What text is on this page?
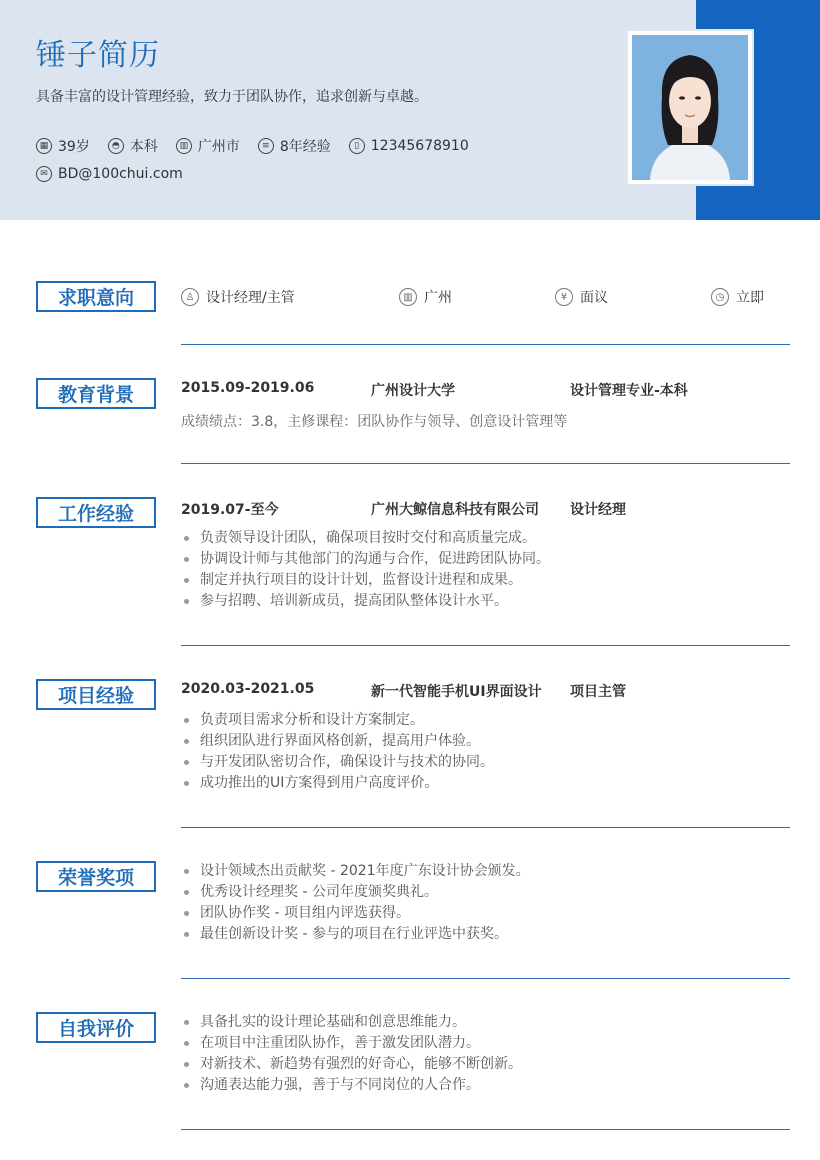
锤子简历
具备丰富的设计管理经验，致力于团队协作，追求创新与卓越。
▦ 39岁	◓ 本科	▥ 广州市	≡ 8年经验	▯ 12345678910
✉ BD@100chui.com
求职意向	♙ 设计经理/主管	▥ 广州	¥ 面议	◷ 立即
教育背景	2015.09-2019.06	广州设计大学	设计管理专业-本科
成绩绩点：3.8，主修课程：团队协作与领导、创意设计管理等
工作经验	2019.07-至今	广州大鲸信息科技有限公司 设计经理
负责领导设计团队，确保项目按时交付和高质量完成。
协调设计师与其他部门的沟通与合作，促进跨团队协同。
制定并执行项目的设计计划，监督设计进程和成果。
参与招聘、培训新成员，提高团队整体设计水平。
项目经验	2020.03-2021.05	新一代智能手机UI界面设计 项目主管
负责项目需求分析和设计方案制定。
组织团队进行界面风格创新，提高用户体验。
与开发团队密切合作，确保设计与技术的协同。
成功推出的UI方案得到用户高度评价。
荣誉奖项	设计领域杰出贡献奖 - 2021年度广东设计协会颁发。
优秀设计经理奖 - 公司年度颁奖典礼。
团队协作奖 - 项目组内评选获得。
最佳创新设计奖 - 参与的项目在行业评选中获奖。
自我评价	具备扎实的设计理论基础和创意思维能力。
在项目中注重团队协作，善于激发团队潜力。
对新技术、新趋势有强烈的好奇心，能够不断创新。
沟通表达能力强，善于与不同岗位的人合作。
